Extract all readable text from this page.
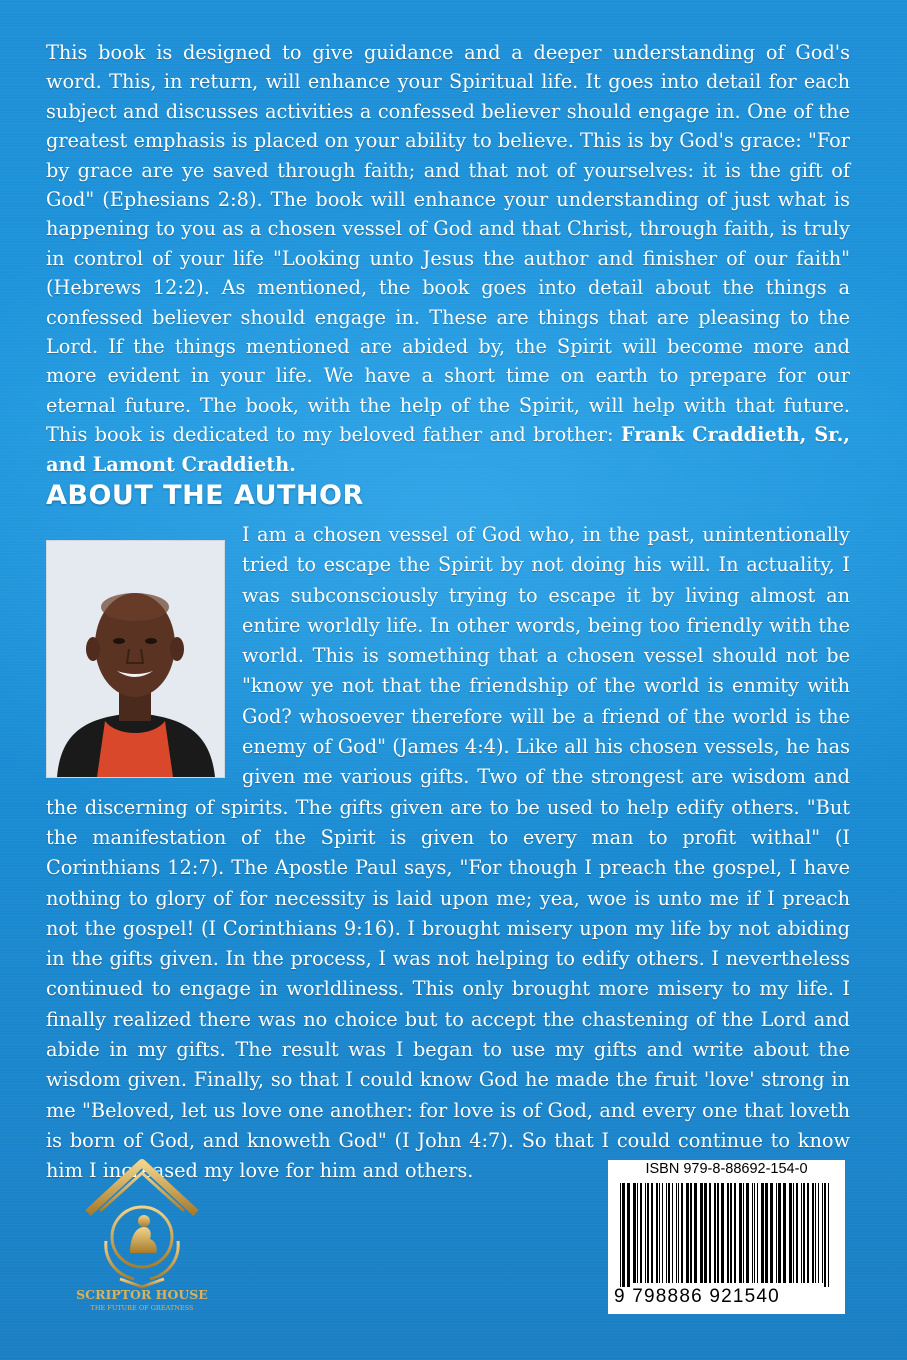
This book is designed to give guidance and a deeper understanding of God's word. This, in return, will enhance your Spiritual life. It goes into detail for each subject and discusses activities a confessed believer should engage in. One of the greatest emphasis is placed on your ability to believe. This is by God's grace: "For by grace are ye saved through faith; and that not of yourselves: it is the gift of God" (Ephesians 2:8). The book will enhance your understanding of just what is happening to you as a chosen vessel of God and that Christ, through faith, is truly in control of your life "Looking unto Jesus the author and finisher of our faith" (Hebrews 12:2). As mentioned, the book goes into detail about the things a confessed believer should engage in. These are things that are pleasing to the Lord. If the things mentioned are abided by, the Spirit will become more and more evident in your life. We have a short time on earth to prepare for our eternal future. The book, with the help of the Spirit, will help with that future. This book is dedicated to my beloved father and brother: Frank Craddieth, Sr., and Lamont Craddieth.
ABOUT THE AUTHOR
I am a chosen vessel of God who, in the past, unintentionally tried to escape the Spirit by not doing his will. In actuality, I was subconsciously trying to escape it by living almost an entire worldly life. In other words, being too friendly with the world. This is something that a chosen vessel should not be "know ye not that the friendship of the world is enmity with God? whosoever therefore will be a friend of the world is the enemy of God" (James 4:4). Like all his chosen vessels, he has given me various gifts. Two of the strongest are wisdom and the discerning of spirits. The gifts given are to be used to help edify others. "But the manifestation of the Spirit is given to every man to profit withal" (I Corinthians 12:7). The Apostle Paul says, "For though I preach the gospel, I have nothing to glory of for necessity is laid upon me; yea, woe is unto me if I preach not the gospel! (I Corinthians 9:16). I brought misery upon my life by not abiding in the gifts given. In the process, I was not helping to edify others. I nevertheless continued to engage in worldliness. This only brought more misery to my life. I finally realized there was no choice but to accept the chastening of the Lord and abide in my gifts. The result was I began to use my gifts and write about the wisdom given. Finally, so that I could know God he made the fruit 'love' strong in me "Beloved, let us love one another: for love is of God, and every one that loveth is born of God, and knoweth God" (I John 4:7). So that I could continue to know him I increased my love for him and others.
SCRIPTOR HOUSE
THE FUTURE OF GREATNESS
ISBN 979-8-88692-154-0
9 798886 921540
